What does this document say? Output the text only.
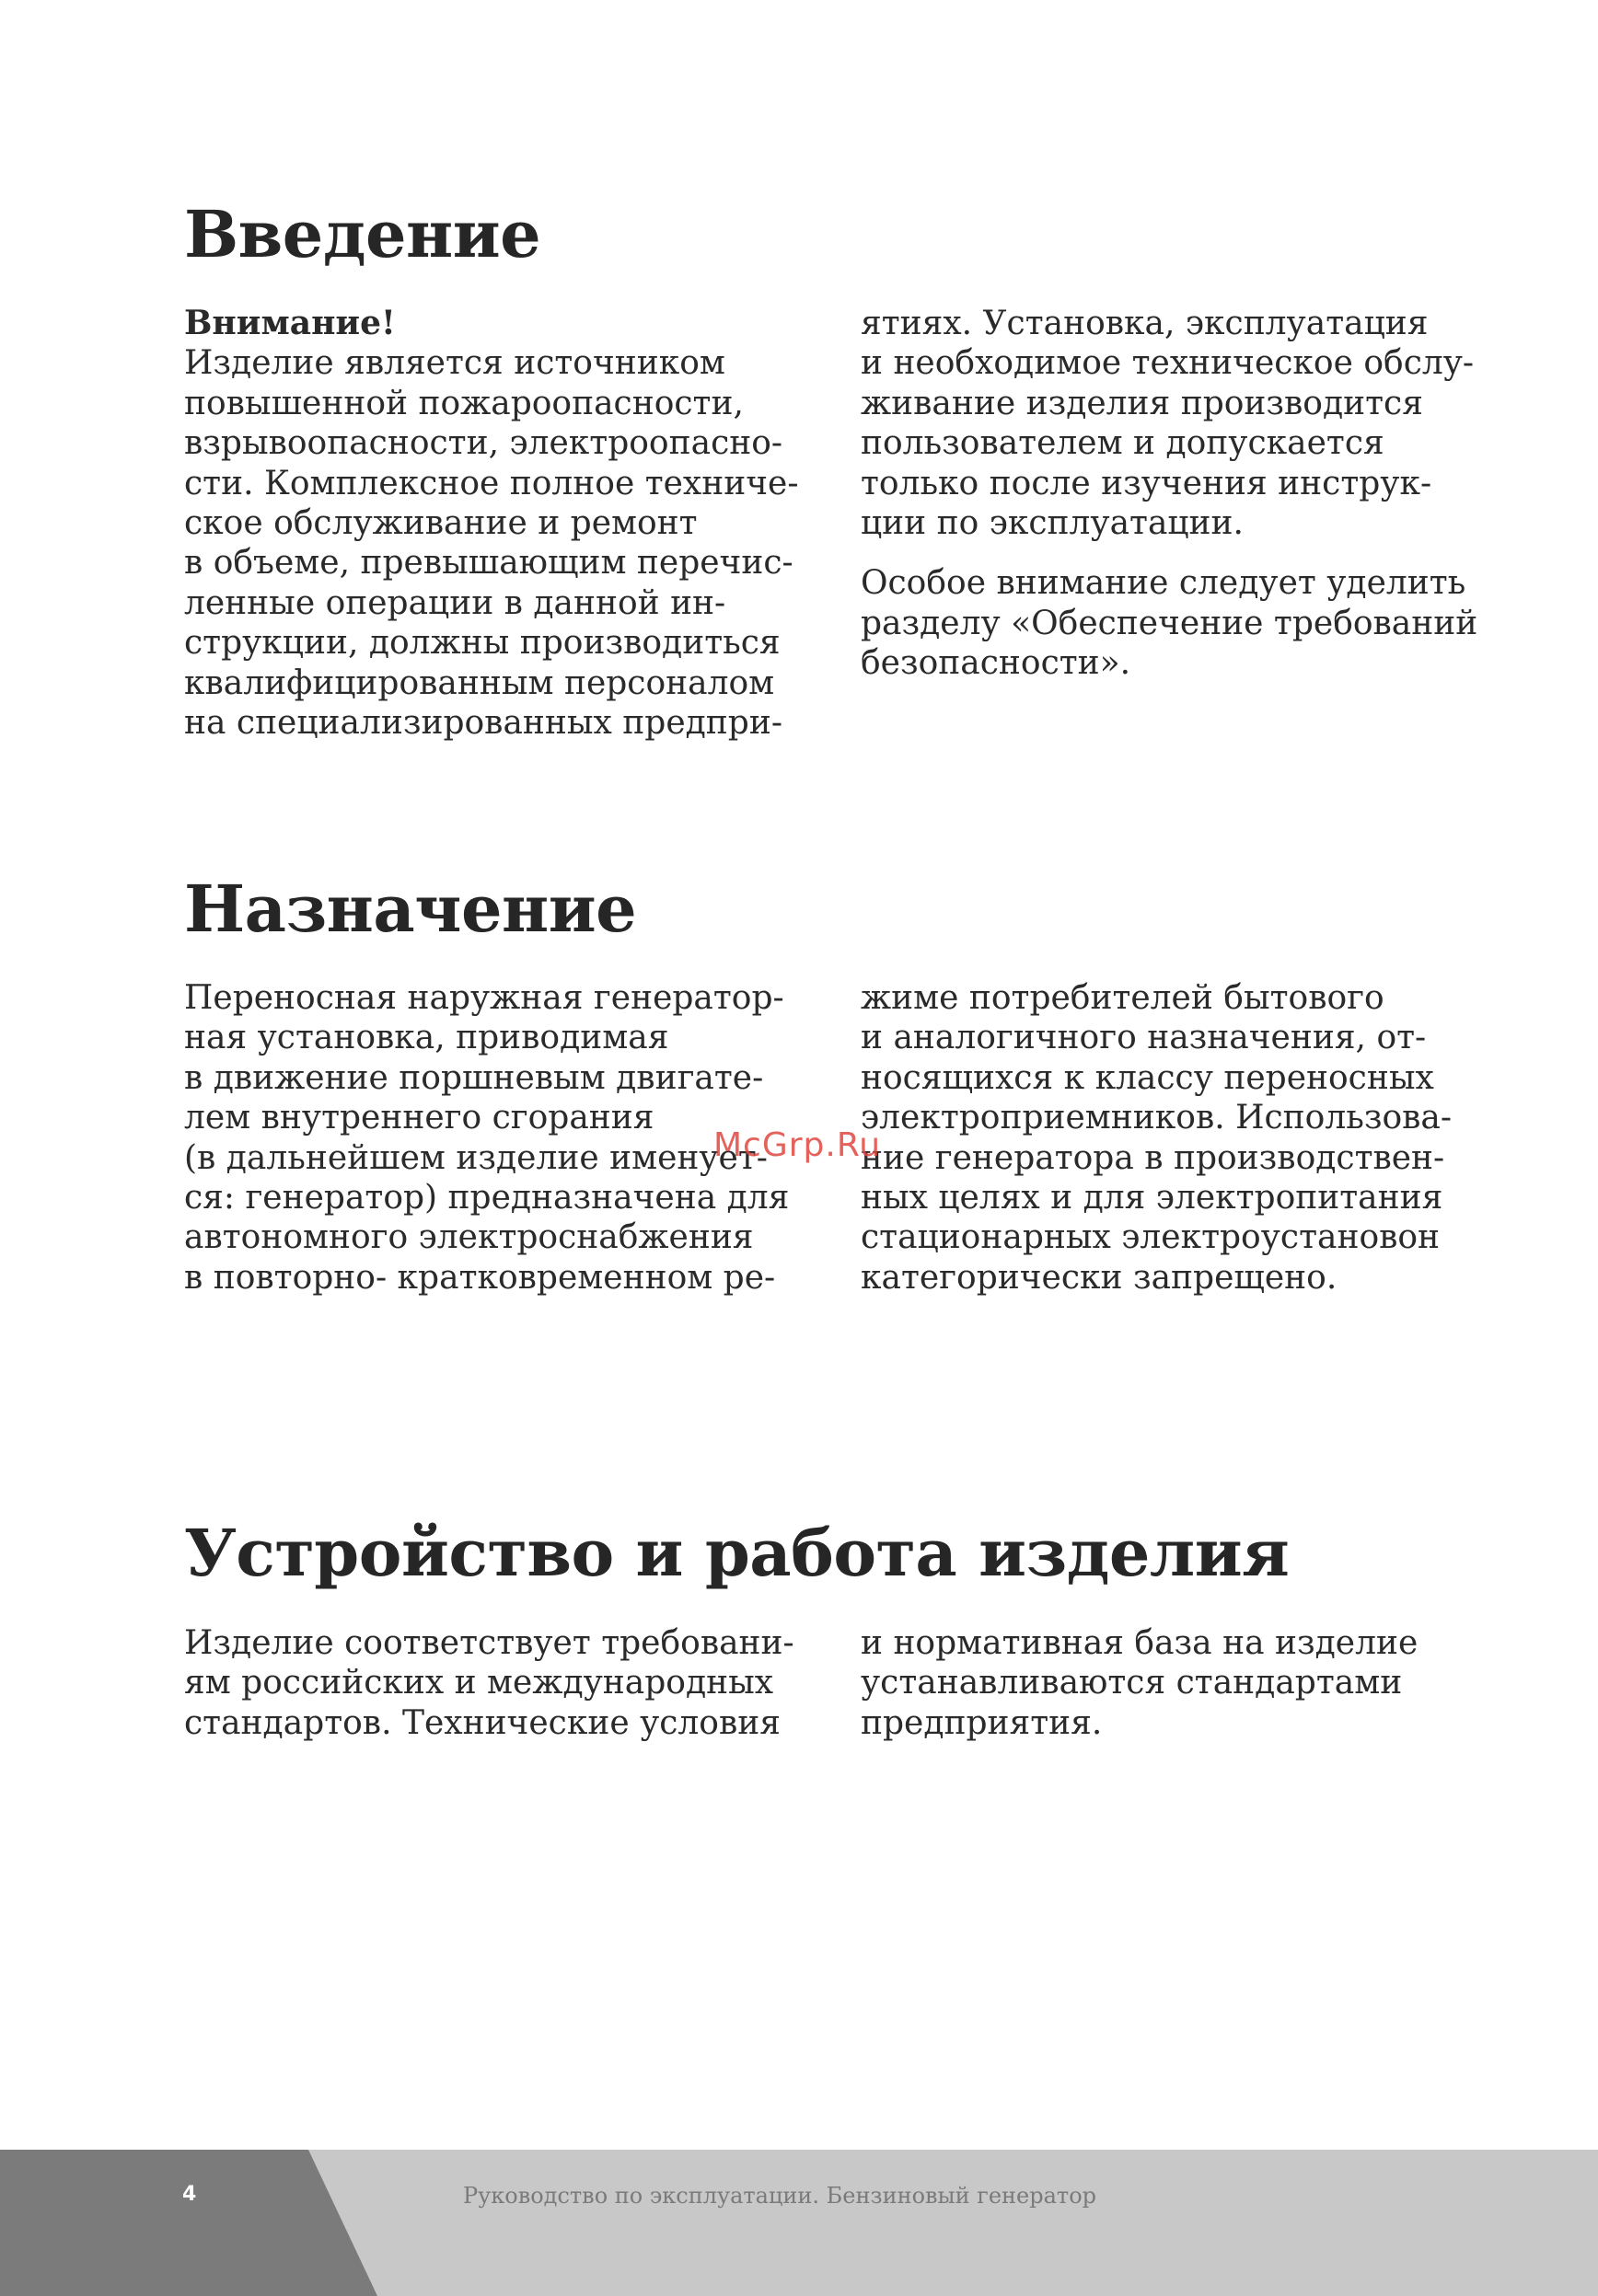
Введение
Внимание!
Изделие является источником
повышенной пожароопасности,
взрывоопасности, электроопасно-
сти. Комплексное полное техниче-
ское обслуживание и ремонт
в объеме, превышающим перечис-
ленные операции в данной ин-
струкции, должны производиться
квалифицированным персоналом
на специализированных предпри-
ятиях. Установка, эксплуатация
и необходимое техническое обслу-
живание изделия производится
пользователем и допускается
только после изучения инструк-
ции по эксплуатации.
Особое внимание следует уделить
разделу «Обеспечение требований
безопасности».
Назначение
Переносная наружная генератор-
ная установка, приводимая
в движение поршневым двигате-
лем внутреннего сгорания
(в дальнейшем изделие именует-
ся: генератор) предназначена для
автономного электроснабжения
в повторно- кратковременном ре-
жиме потребителей бытового
и аналогичного назначения, от-
носящихся к классу переносных
электроприемников. Использова-
ние генератора в производствен-
ных целях и для электропитания
стационарных электроустановон
категорически запрещено.
McGrp.Ru
Устройство и работа изделия
Изделие соответствует требовани-
ям российских и международных
стандартов. Технические условия
и нормативная база на изделие
устанавливаются стандартами
предприятия.
4	Руководство по эксплуатации. Бензиновый генератор
